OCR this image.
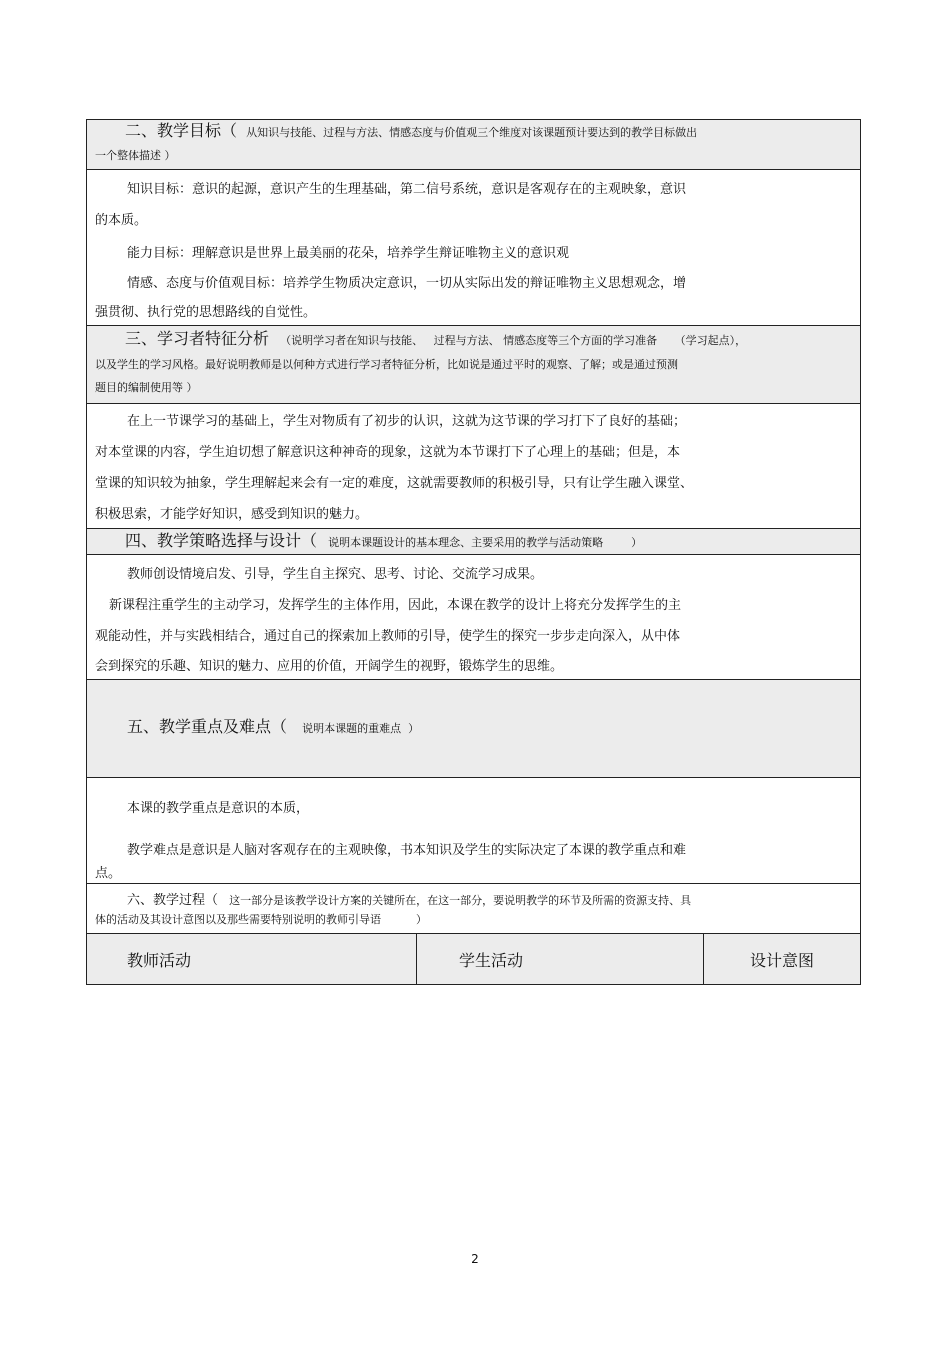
二、教学目标（ 从知识与技能、过程与方法、情感态度与价值观三个维度对该课题预计要达到的教学目标做出
一个整体描述 ）
知识目标：意识的起源，意识产生的生理基础，第二信号系统，意识是客观存在的主观映象，意识
的本质。
能力目标：理解意识是世界上最美丽的花朵，培养学生辩证唯物主义的意识观
情感、态度与价值观目标：培养学生物质决定意识，一切从实际出发的辩证唯物主义思想观念，增
强贯彻、执行党的思想路线的自觉性。
三、学习者特征分析 （说明学习者在知识与技能、   过程与方法、 情感态度等三个方面的学习准备     （学习起点），
以及学生的学习风格。最好说明教师是以何种方式进行学习者特征分析，比如说是通过平时的观察、了解；或是通过预测
题目的编制使用等 ）
在上一节课学习的基础上，学生对物质有了初步的认识，这就为这节课的学习打下了良好的基础；
对本堂课的内容，学生迫切想了解意识这种神奇的现象，这就为本节课打下了心理上的基础；但是，本
堂课的知识较为抽象，学生理解起来会有一定的难度，这就需要教师的积极引导，只有让学生融入课堂、
积极思索，才能学好知识，感受到知识的魅力。
四、教学策略选择与设计（ 说明本课题设计的基本理念、主要采用的教学与活动策略        ）
教师创设情境启发、引导，学生自主探究、思考、讨论、交流学习成果。
新课程注重学生的主动学习，发挥学生的主体作用，因此，本课在教学的设计上将充分发挥学生的主
观能动性，并与实践相结合，通过自己的探索加上教师的引导，使学生的探究一步步走向深入，从中体
会到探究的乐趣、知识的魅力、应用的价值，开阔学生的视野，锻炼学生的思维。
五、教学重点及难点（ 说明本课题的重难点  ）
本课的教学重点是意识的本质，
教学难点是意识是人脑对客观存在的主观映像，书本知识及学生的实际决定了本课的教学重点和难
点。
六、教学过程（ 这一部分是该教学设计方案的关键所在，在这一部分，要说明教学的环节及所需的资源支持、具
体的活动及其设计意图以及那些需要特别说明的教师引导语          ）
教师活动	学生活动	设计意图
2
